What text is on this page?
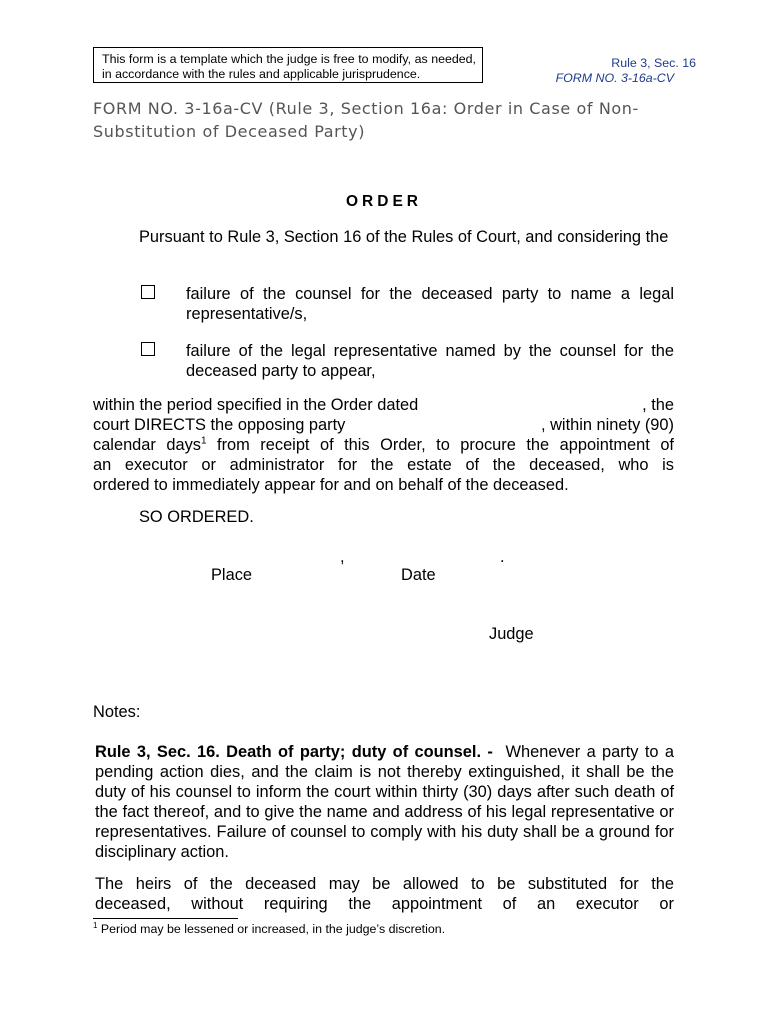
This form is a template which the judge is free to modify, as needed, in accordance with the rules and applicable jurisprudence.
Rule 3, Sec. 16
FORM NO. 3-16a-CV
FORM NO. 3-16a-CV (Rule 3, Section 16a: Order in Case of Non-Substitution of Deceased Party)
ORDER
Pursuant to Rule 3, Section 16 of the Rules of Court, and considering the
failure of the counsel for the deceased party to name a legal representative/s,
failure of the legal representative named by the counsel for the deceased party to appear,
within the period specified in the Order dated	, the
court DIRECTS the opposing party	, within ninety (90)
calendar days$^1$ from receipt of this Order, to procure the appointment of
an executor or administrator for the estate of the deceased, who is
ordered to immediately appear for and on behalf of the deceased.
SO ORDERED.
,	.
Place	Date
Judge
Notes:
Rule 3, Sec. 16. Death of party; duty of counsel. - Whenever a party to a pending action dies, and the claim is not thereby extinguished, it shall be the duty of his counsel to inform the court within thirty (30) days after such death of the fact thereof, and to give the name and address of his legal representative or representatives. Failure of counsel to comply with his duty shall be a ground for disciplinary action.
The heirs of the deceased may be allowed to be substituted for the
deceased, without requiring the appointment of an executor or
$^1$ Period may be lessened or increased, in the judge’s discretion.
